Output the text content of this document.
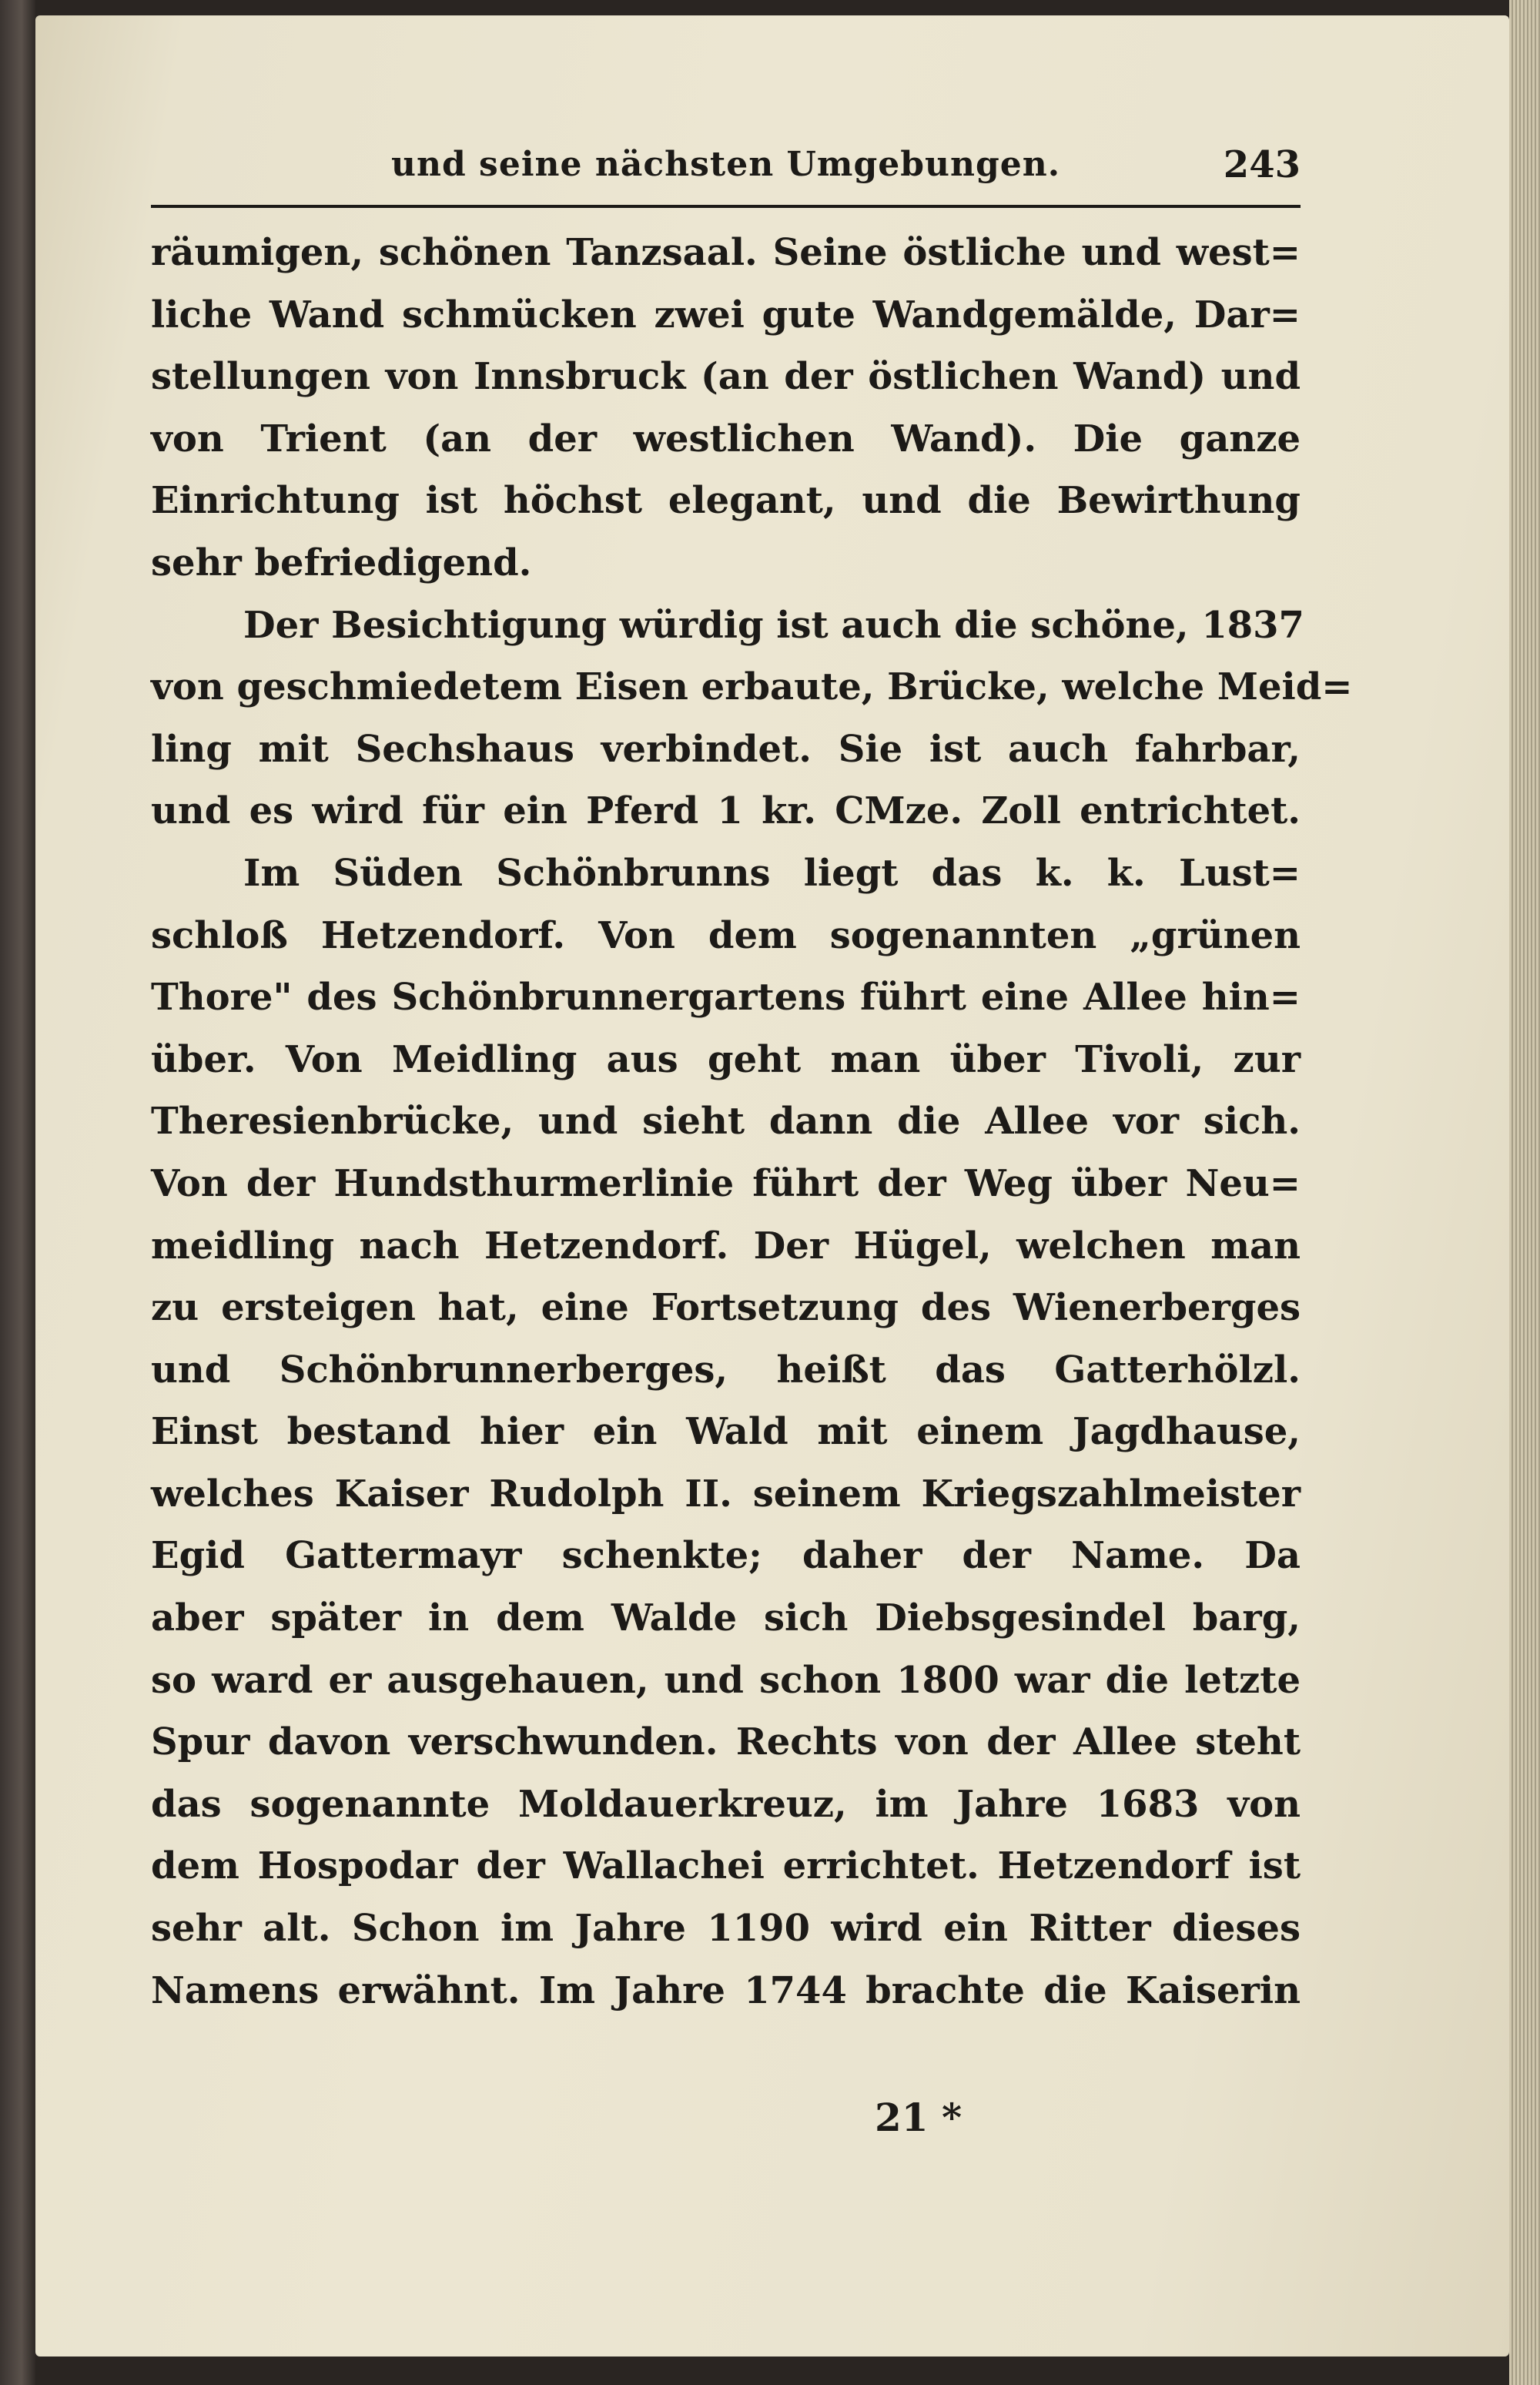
und seine nächsten Umgebungen.	243
räumigen, schönen Tanzsaal. Seine östliche und west=
liche Wand schmücken zwei gute Wandgemälde, Dar=
stellungen von Innsbruck (an der östlichen Wand) und
von Trient (an der westlichen Wand). Die ganze
Einrichtung ist höchst elegant, und die Bewirthung
sehr befriedigend.
Der Besichtigung würdig ist auch die schöne, 1837
von geschmiedetem Eisen erbaute, Brücke, welche Meid=
ling mit Sechshaus verbindet. Sie ist auch fahrbar,
und es wird für ein Pferd 1 kr. CMze. Zoll entrichtet.
Im Süden Schönbrunns liegt das k. k. Lust=
schloß Hetzendorf. Von dem sogenannten „grünen
Thore" des Schönbrunnergartens führt eine Allee hin=
über. Von Meidling aus geht man über Tivoli, zur
Theresienbrücke, und sieht dann die Allee vor sich.
Von der Hundsthurmerlinie führt der Weg über Neu=
meidling nach Hetzendorf. Der Hügel, welchen man
zu ersteigen hat, eine Fortsetzung des Wienerberges
und Schönbrunnerberges, heißt das Gatterhölzl.
Einst bestand hier ein Wald mit einem Jagdhause,
welches Kaiser Rudolph II. seinem Kriegszahlmeister
Egid Gattermayr schenkte; daher der Name. Da
aber später in dem Walde sich Diebsgesindel barg,
so ward er ausgehauen, und schon 1800 war die letzte
Spur davon verschwunden. Rechts von der Allee steht
das sogenannte Moldauerkreuz, im Jahre 1683 von
dem Hospodar der Wallachei errichtet. Hetzendorf ist
sehr alt. Schon im Jahre 1190 wird ein Ritter dieses
Namens erwähnt. Im Jahre 1744 brachte die Kaiserin
21 *
